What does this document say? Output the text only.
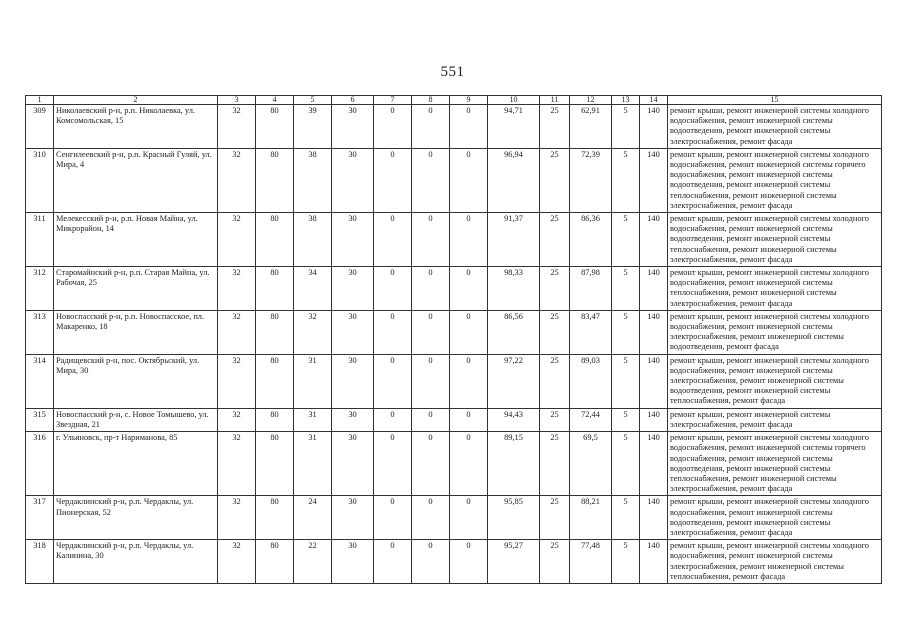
551
1	2	3	4	5	6	7	8	9	10	11	12	13	14	15
309	Николаевский р-н, р.п. Николаевка, ул. Комсомольская, 15	32	80	39	30	0	0	0	94,71	25	62,91	5	140	ремонт крыши, ремонт инженерной системы холодного водоснабжения, ремонт инженерной системы водоотведения, ремонт инженерной системы электроснабжения, ремонт фасада
310	Сенгилеевский р-н, р.п. Красный Гуляй, ул. Мира, 4	32	80	38	30	0	0	0	96,94	25	72,39	5	140	ремонт крыши, ремонт инженерной системы холодного водоснабжения, ремонт инженерной системы горячего водоснабжения, ремонт инженерной системы водоотведения, ремонт инженерной системы теплоснабжения, ремонт инженерной системы электроснабжения, ремонт фасада
311	Мелекесский р-н, р.п. Новая Майна, ул. Микрорайон, 14	32	80	38	30	0	0	0	91,37	25	86,36	5	140	ремонт крыши, ремонт инженерной системы холодного водоснабжения, ремонт инженерной системы водоотведения, ремонт инженерной системы теплоснабжения, ремонт инженерной системы электроснабжения, ремонт фасада
312	Старомайнский р-н, р.п. Старая Майна, ул. Рабочая, 25	32	80	34	30	0	0	0	98,33	25	87,98	5	140	ремонт крыши, ремонт инженерной системы холодного водоснабжения, ремонт инженерной системы теплоснабжения, ремонт инженерной системы электроснабжения, ремонт фасада
313	Новоспасский р-н, р.п. Новоспасское, пл. Макаренко, 18	32	80	32	30	0	0	0	86,56	25	83,47	5	140	ремонт крыши, ремонт инженерной системы холодного водоснабжения, ремонт инженерной системы электроснабжения, ремонт инженерной системы водоотведения, ремонт фасада
314	Радищевский р-н, пос. Октябрьский, ул. Мира, 30	32	80	31	30	0	0	0	97,22	25	89,03	5	140	ремонт крыши, ремонт инженерной системы холодного водоснабжения, ремонт инженерной системы электроснабжения, ремонт инженерной системы водоотведения, ремонт инженерной системы теплоснабжения, ремонт фасада
315	Новоспасский р-н, с. Новое Томышево, ул. Звездная, 21	32	80	31	30	0	0	0	94,43	25	72,44	5	140	ремонт крыши, ремонт инженерной системы электроснабжения, ремонт фасада
316	г. Ульяновск, пр-т Нариманова, 85	32	80	31	30	0	0	0	89,15	25	69,5	5	140	ремонт крыши, ремонт инженерной системы холодного водоснабжения, ремонт инженерной системы горячего водоснабжения, ремонт инженерной системы водоотведения, ремонт инженерной системы теплоснабжения, ремонт инженерной системы электроснабжения, ремонт фасада
317	Чердаклинский р-н, р.п. Чердаклы, ул. Пионерская, 52	32	80	24	30	0	0	0	95,85	25	88,21	5	140	ремонт крыши, ремонт инженерной системы холодного водоснабжения, ремонт инженерной системы водоотведения, ремонт инженерной системы электроснабжения, ремонт фасада
318	Чердаклинский р-н, р.п. Чердаклы, ул. Калинина, 30	32	80	22	30	0	0	0	95,27	25	77,48	5	140	ремонт крыши, ремонт инженерной системы холодного водоснабжения, ремонт инженерной системы электроснабжения, ремонт инженерной системы теплоснабжения, ремонт фасада
